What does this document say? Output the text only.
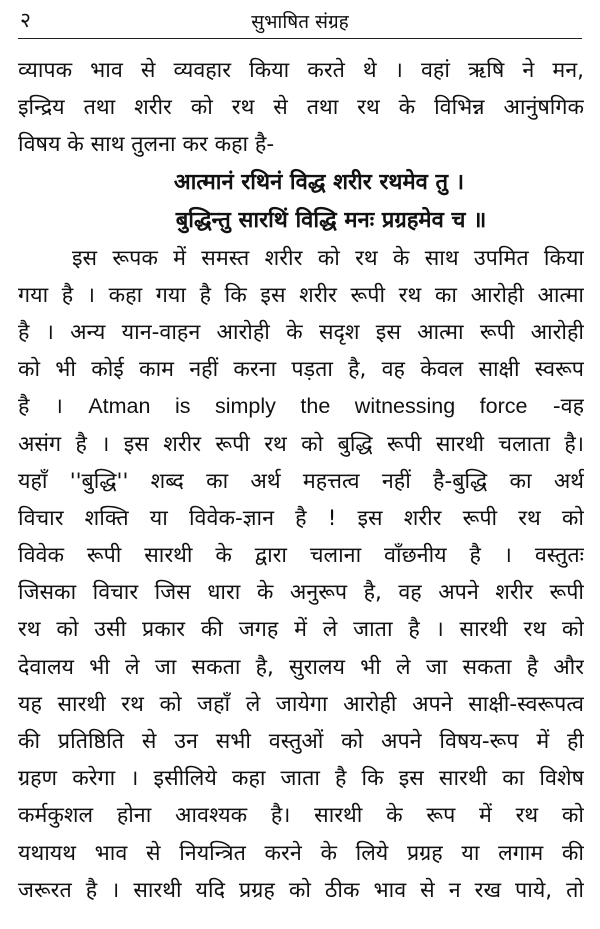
२	सुभाषित संग्रह
व्यापक भाव से व्यवहार किया करते थे । वहां ऋषि ने मन,
इन्द्रिय तथा शरीर को रथ से तथा रथ के विभिन्न आनुंषगिक
विषय के साथ तुलना कर कहा है-
आत्मानं रथिनं विद्ध शरीर रथमेव तु ।
बुद्धिन्तु सारथिं विद्धि मनः प्रग्रहमेव च ॥
इस रूपक में समस्त शरीर को रथ के साथ उपमित किया
गया है । कहा गया है कि इस शरीर रूपी रथ का आरोही आत्मा
है । अन्य यान-वाहन आरोही के सदृश इस आत्मा रूपी आरोही
को भी कोई काम नहीं करना पड़ता है, वह केवल साक्षी स्वरूप
है । Atman is simply the witnessing force -वह
असंग है । इस शरीर रूपी रथ को बुद्धि रूपी सारथी चलाता है।
यहाँ ''बुद्धि'' शब्द का अर्थ महत्तत्व नहीं है-बुद्धि का अर्थ
विचार शक्ति या विवेक-ज्ञान है ! इस शरीर रूपी रथ को
विवेक रूपी सारथी के द्वारा चलाना वाँछनीय है । वस्तुतः
जिसका विचार जिस धारा के अनुरूप है, वह अपने शरीर रूपी
रथ को उसी प्रकार की जगह में ले जाता है । सारथी रथ को
देवालय भी ले जा सकता है, सुरालय भी ले जा सकता है और
यह सारथी रथ को जहाँ ले जायेगा आरोही अपने साक्षी-स्वरूपत्व
की प्रतिष्ठिति से उन सभी वस्तुओं को अपने विषय-रूप में ही
ग्रहण करेगा । इसीलिये कहा जाता है कि इस सारथी का विशेष
कर्मकुशल होना आवश्यक है। सारथी के रूप में रथ को
यथायथ भाव से नियन्त्रित करने के लिये प्रग्रह या लगाम की
जरूरत है । सारथी यदि प्रग्रह को ठीक भाव से न रख पाये, तो
